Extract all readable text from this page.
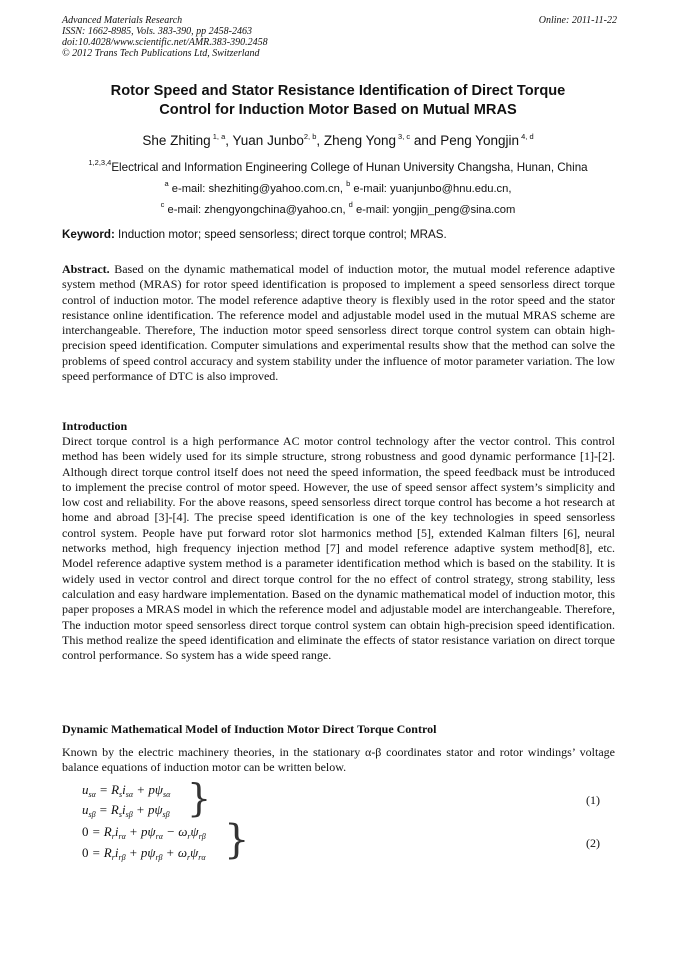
Advanced Materials Research
ISSN: 1662-8985, Vols. 383-390, pp 2458-2463
doi:10.4028/www.scientific.net/AMR.383-390.2458
© 2012 Trans Tech Publications Ltd, Switzerland
Online: 2011-11-22
Rotor Speed and Stator Resistance Identification of Direct Torque
Control for Induction Motor Based on Mutual MRAS
She Zhiting $^{1, a}$, Yuan Junbo$^{2, b}$, Zheng Yong $^{3, c}$ and Peng Yongjin $^{4, d}$
$^{1,2,3,4}$Electrical and Information Engineering College of Hunan University Changsha, Hunan, China
$^a$ e-mail: shezhiting@yahoo.com.cn, $^b$ e-mail: yuanjunbo@hnu.edu.cn,
$^c$ e-mail: zhengyongchina@yahoo.cn, $^d$ e-mail: yongjin_peng@sina.com
Keyword: Induction motor; speed sensorless; direct torque control; MRAS.
Abstract. Based on the dynamic mathematical model of induction motor, the mutual model reference adaptive system method (MRAS) for rotor speed identification is proposed to implement a speed sensorless direct torque control of induction motor. The model reference adaptive theory is flexibly used in the rotor speed and the stator resistance online identification. The reference model and adjustable model used in the mutual MRAS scheme are interchangeable. Therefore, The induction motor speed sensorless direct torque control system can obtain high-precision speed identification. Computer simulations and experimental results show that the method can solve the problems of speed control accuracy and system stability under the influence of motor parameter variation. The low speed performance of DTC is also improved.
Introduction
Direct torque control is a high performance AC motor control technology after the vector control. This control method has been widely used for its simple structure, strong robustness and good dynamic performance [1]-[2]. Although direct torque control itself does not need the speed information, the speed feedback must be introduced to implement the precise control of motor speed. However, the use of speed sensor affect system’s simplicity and low cost and reliability. For the above reasons, speed sensorless direct torque control has become a hot research at home and abroad [3]-[4]. The precise speed identification is one of the key technologies in speed sensorless control system. People have put forward rotor slot harmonics method [5], extended Kalman filters [6], neural networks method, high frequency injection method [7] and model reference adaptive system method[8], etc. Model reference adaptive system method is a parameter identification method which is based on the stability. It is widely used in vector control and direct torque control for the no effect of control strategy, strong stability, less calculation and easy hardware implementation. Based on the dynamic mathematical model of induction motor, this paper proposes a MRAS model in which the reference model and adjustable model are interchangeable. Therefore, The induction motor speed sensorless direct torque control system can obtain high-precision speed identification. This method realize the speed identification and eliminate the effects of stator resistance variation on direct torque control performance. So system has a wide speed range.
Dynamic Mathematical Model of Induction Motor Direct Torque Control
Known by the electric machinery theories, in the stationary α-β coordinates stator and rotor windings’ voltage balance equations of induction motor can be written below.
$u_{s\alpha} = R_si_{s\alpha} + p\psi_{s\alpha}$
$u_{s\beta} = R_si_{s\beta} + p\psi_{s\beta}$ }	(1)
$0 = R_ri_{r\alpha} + p\psi_{r\alpha} - \omega_r\psi_{r\beta}$
$0 = R_ri_{r\beta} + p\psi_{r\beta} + \omega_r\psi_{r\alpha}$ }	(2)
